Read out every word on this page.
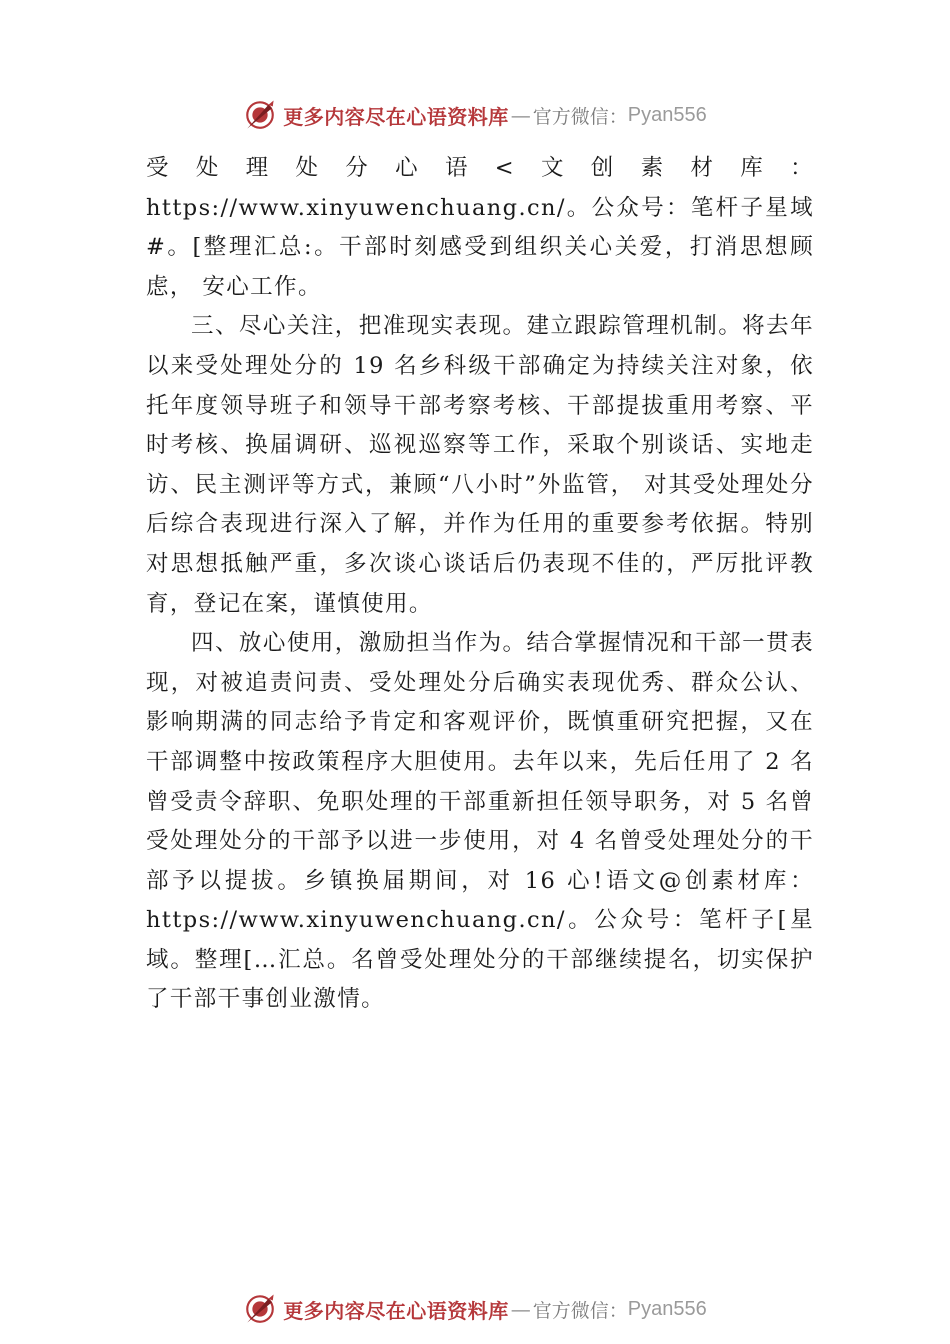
更多内容尽在心语资料库 — 官方微信： Pyan556

受处理处分心语<文创素材库：https://www.xinyuwenchuang.cn/。公众号：笔杆子星域#。[整理汇总:。干部时刻感受到组织关心关爱，打消思想顾虑， 安心工作。

三、尽心关注，把准现实表现。建立跟踪管理机制。将去年以来受处理处分的 19 名乡科级干部确定为持续关注对象，依托年度领导班子和领导干部考察考核、干部提拔重用考察、平时考核、换届调研、巡视巡察等工作，采取个别谈话、实地走访、民主测评等方式，兼顾“八小时”外监管， 对其受处理处分后综合表现进行深入了解，并作为任用的重要参考依据。特别对思想抵触严重，多次谈心谈话后仍表现不佳的，严厉批评教育，登记在案，谨慎使用。

四、放心使用，激励担当作为。结合掌握情况和干部一贯表现，对被追责问责、受处理处分后确实表现优秀、群众公认、影响期满的同志给予肯定和客观评价，既慎重研究把握，又在干部调整中按政策程序大胆使用。去年以来，先后任用了 2 名曾受责令辞职、免职处理的干部重新担任领导职务，对 5 名曾受处理处分的干部予以进一步使用，对 4 名曾受处理处分的干部予以提拔。乡镇换届期间，对 16 心!语文@创素材库：https://www.xinyuwenchuang.cn/。公众号：笔杆子[星域。整理[…汇总。名曾受处理处分的干部继续提名，切实保护了干部干事创业激情。

更多内容尽在心语资料库 — 官方微信： Pyan556
